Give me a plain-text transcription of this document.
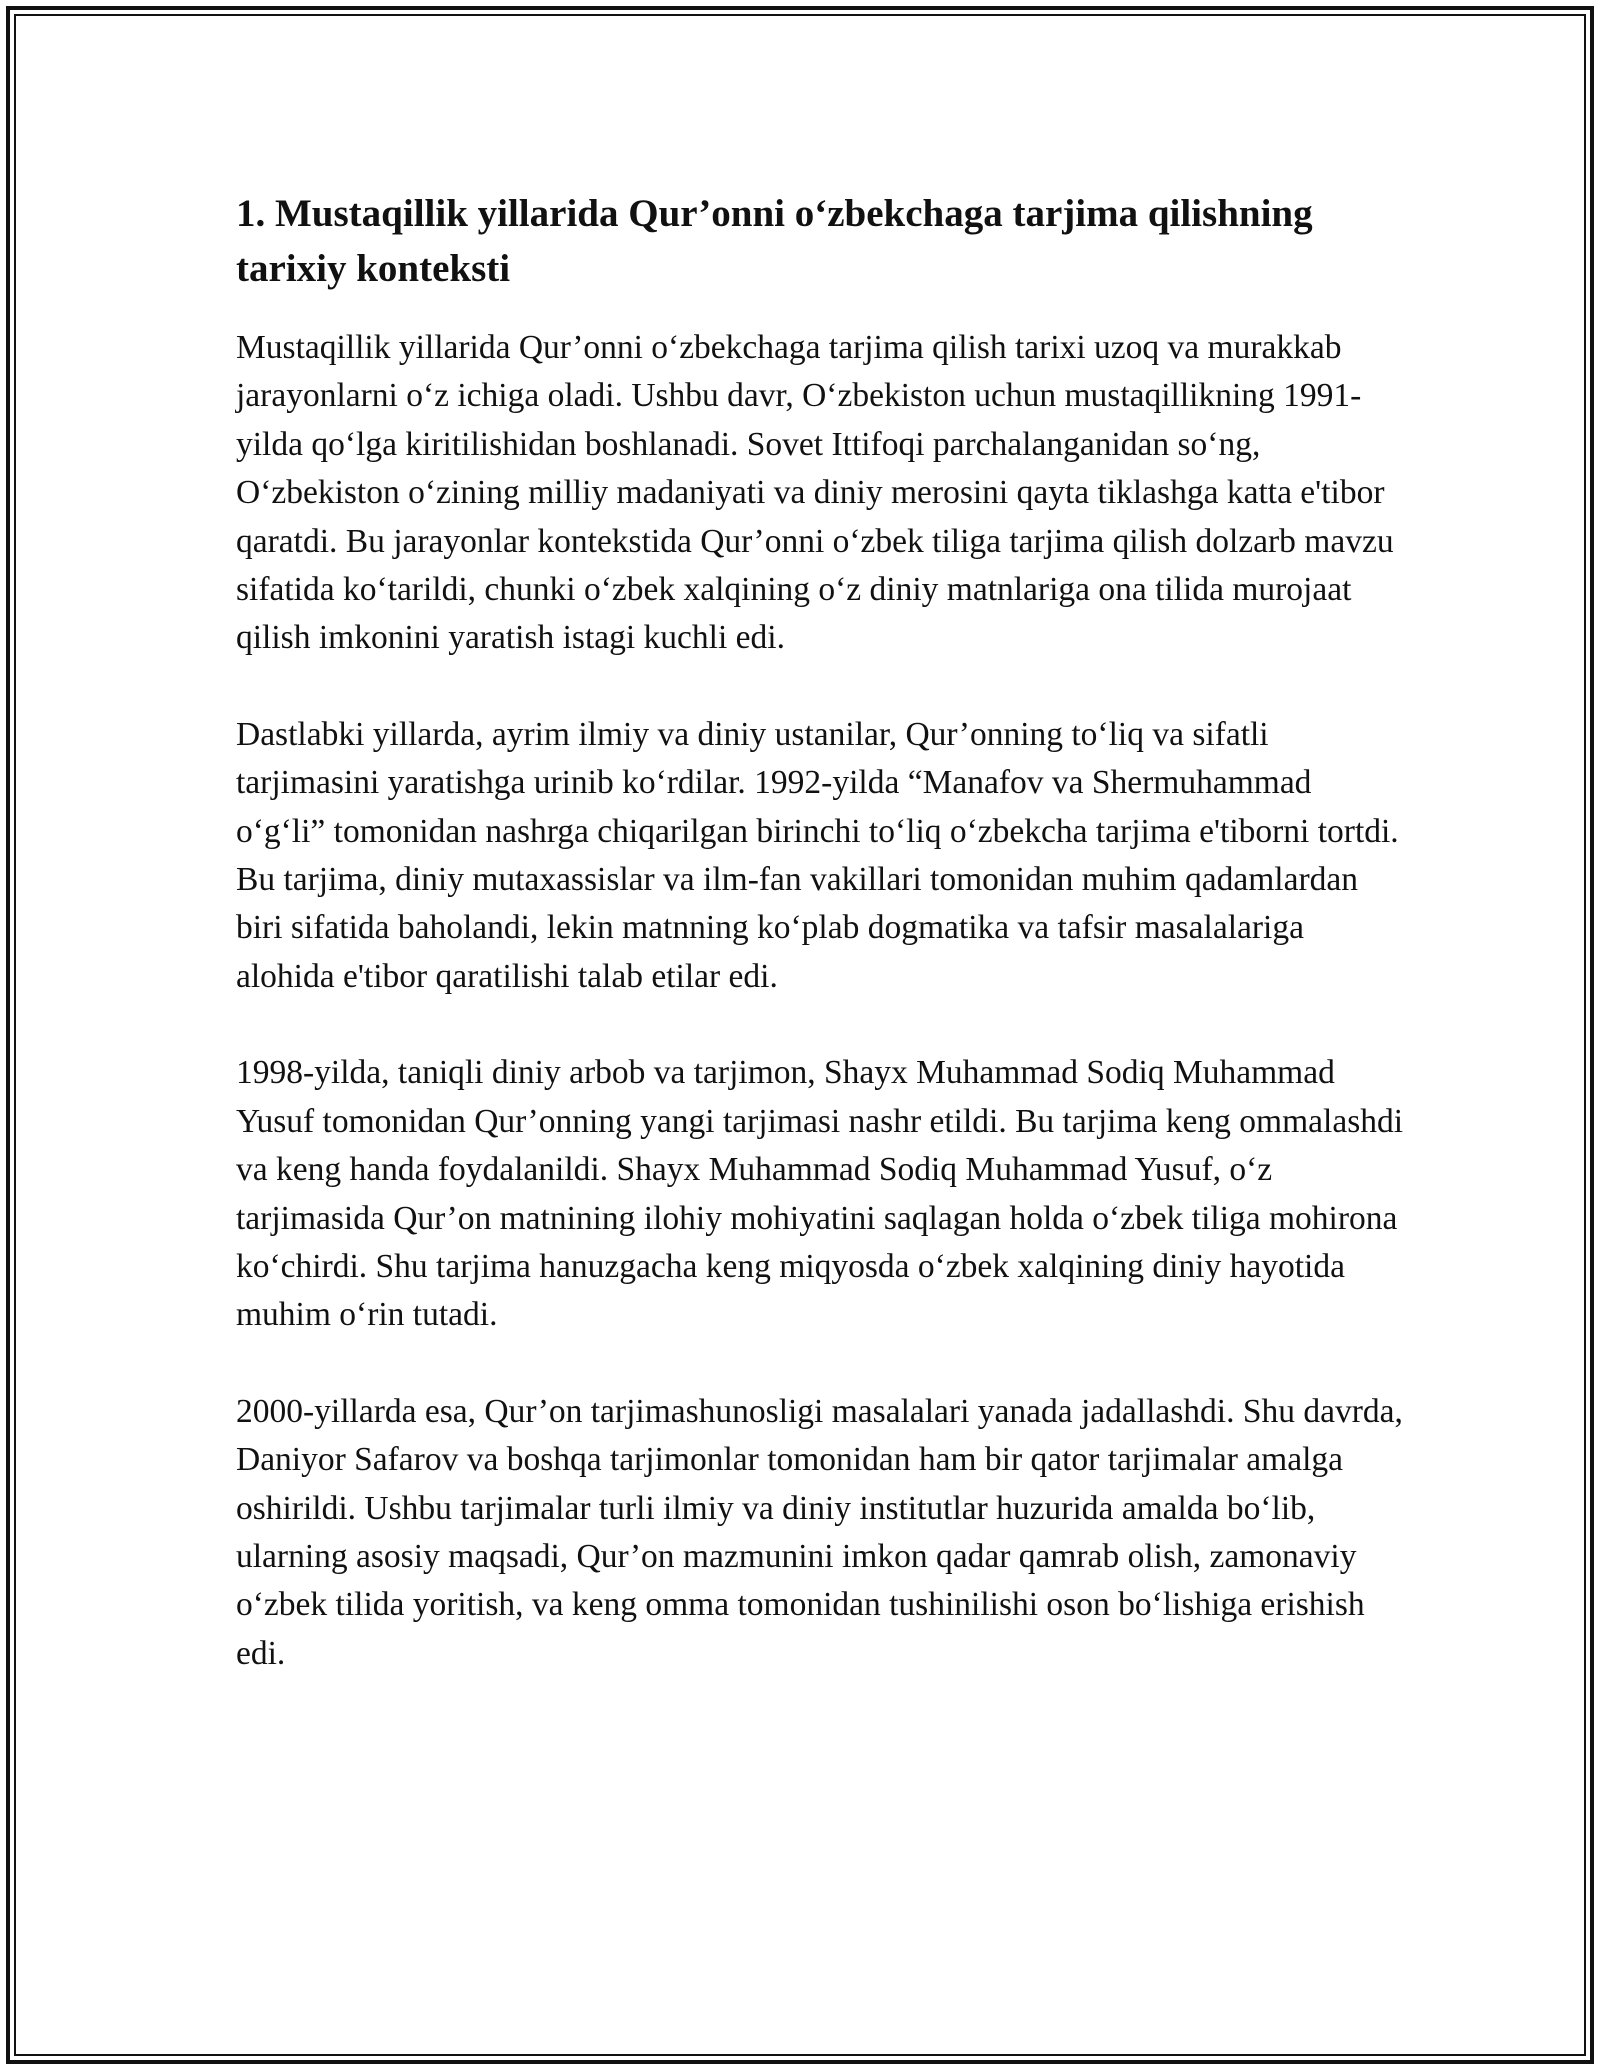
1. Mustaqillik yillarida Qur’onni o‘zbekchaga tarjima qilishning tarixiy konteksti

Mustaqillik yillarida Qur’onni o‘zbekchaga tarjima qilish tarixi uzoq va murakkab jarayonlarni o‘z ichiga oladi. Ushbu davr, O‘zbekiston uchun mustaqillikning 1991-yilda qo‘lga kiritilishidan boshlanadi. Sovet Ittifoqi parchalanganidan so‘ng, O‘zbekiston o‘zining milliy madaniyati va diniy merosini qayta tiklashga katta e'tibor qaratdi. Bu jarayonlar kontekstida Qur’onni o‘zbek tiliga tarjima qilish dolzarb mavzu sifatida ko‘tarildi, chunki o‘zbek xalqining o‘z diniy matnlariga ona tilida murojaat qilish imkonini yaratish istagi kuchli edi.

Dastlabki yillarda, ayrim ilmiy va diniy ustanilar, Qur’onning to‘liq va sifatli tarjimasini yaratishga urinib ko‘rdilar. 1992-yilda “Manafov va Shermuhammad o‘g‘li” tomonidan nashrga chiqarilgan birinchi to‘liq o‘zbekcha tarjima e'tiborni tortdi. Bu tarjima, diniy mutaxassislar va ilm-fan vakillari tomonidan muhim qadamlardan biri sifatida baholandi, lekin matnning ko‘plab dogmatika va tafsir masalalariga alohida e'tibor qaratilishi talab etilar edi.

1998-yilda, taniqli diniy arbob va tarjimon, Shayx Muhammad Sodiq Muhammad Yusuf tomonidan Qur’onning yangi tarjimasi nashr etildi. Bu tarjima keng ommalashdi va keng handa foydalanildi. Shayx Muhammad Sodiq Muhammad Yusuf, o‘z tarjimasida Qur’on matnining ilohiy mohiyatini saqlagan holda o‘zbek tiliga mohirona ko‘chirdi. Shu tarjima hanuzgacha keng miqyosda o‘zbek xalqining diniy hayotida muhim o‘rin tutadi.

2000-yillarda esa, Qur’on tarjimashunosligi masalalari yanada jadallashdi. Shu davrda, Daniyor Safarov va boshqa tarjimonlar tomonidan ham bir qator tarjimalar amalga oshirildi. Ushbu tarjimalar turli ilmiy va diniy institutlar huzurida amalda bo‘lib, ularning asosiy maqsadi, Qur’on mazmunini imkon qadar qamrab olish, zamonaviy o‘zbek tilida yoritish, va keng omma tomonidan tushinilishi oson bo‘lishiga erishish edi.
